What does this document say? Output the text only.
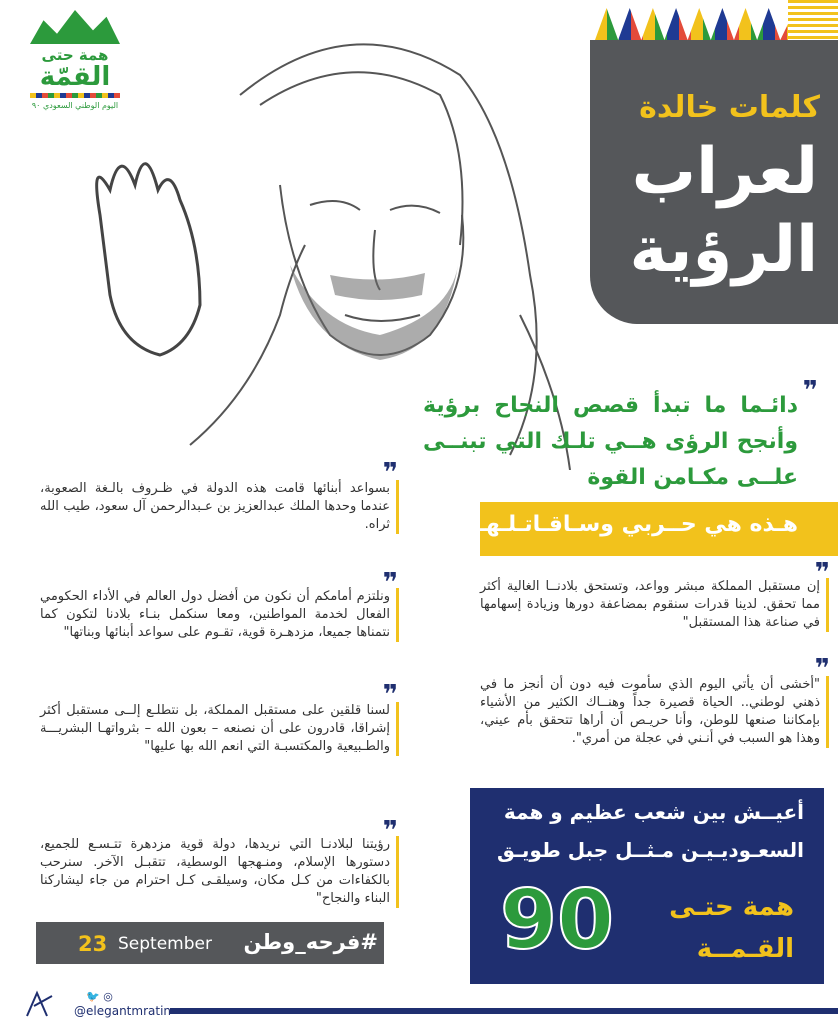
همة حتى
القمّة
اليوم الوطني السعودي ٩٠	كلمات خالدة
لعراب
الرؤية
❞
دائـما ما تبدأ قصص النجاح برؤية وأنجح الرؤى هــي تلـك التي تبنــى علــى مكـامن القوة
هـذه هي حــربي وسـاقـاتـلـهـا
❞
بسواعد أبنائها قامت هذه الدولة في ظـروف بالـغة الصعوبة، عندما وحدها الملك عبدالعزيز بن عـبدالرحمن آل سعود، طيب الله ثراه.
❞
ونلتزم أمامكم أن نكون من أفضل دول العالم في الأداء الحكومي الفعال لخدمة المواطنين، ومعا سنكمل بنـاء بلادنا لتكون كما نتمناها جميعا، مزدهـرة قوية، تقـوم على سواعد أبنائها وبناتها"
❞
لسنا قلقين على مستقبل المملكة، بل نتطلـع إلــى مستقبل أكثر إشراقا، قادرون على أن نصنعه – بعون الله – بثرواتهـا البشريـــة والطـبيعية والمكتسبـة التي انعم الله بها عليها"
❞
رؤيتنا لبلادنـا التي نريدها، دولة قوية مزدهرة تتـسـع للجميع، دستورها الإسلام، ومنـهجها الوسطية، تتقبـل الآخر. سنرحب بالكفاءات من كـل مكان، وسيلقـى كـل احترام من جاء ليشاركنا البناء والنجاح"
❞
إن مستقبل المملكة مبشر وواعد، وتستحق بلادنــا الغالية أكثر مما تحقق. لدينا قدرات سنقوم بمضاعفة دورها وزيادة إسهامها في صناعة هذا المستقبل"
❞
"أخشى أن يأتي اليوم الذي سأموت فيه دون أن أنجز ما في ذهني لوطني.. الحياة قصيرة جداً وهنــاك الكثير من الأشياء بإمكاننا صنعها للوطن، وأنا حريـص أن أراها تتحقق بأم عيني، وهذا هو السبب في أنـني في عجلة من أمري".
#فرحه_وطن
23 September
أعيــش بين شعب عظيم و همة
السعـوديـيـن مـثــل جبل طويـق
90 همة حتـى
القـمــة
🐦 ◎
@elegantmratin
